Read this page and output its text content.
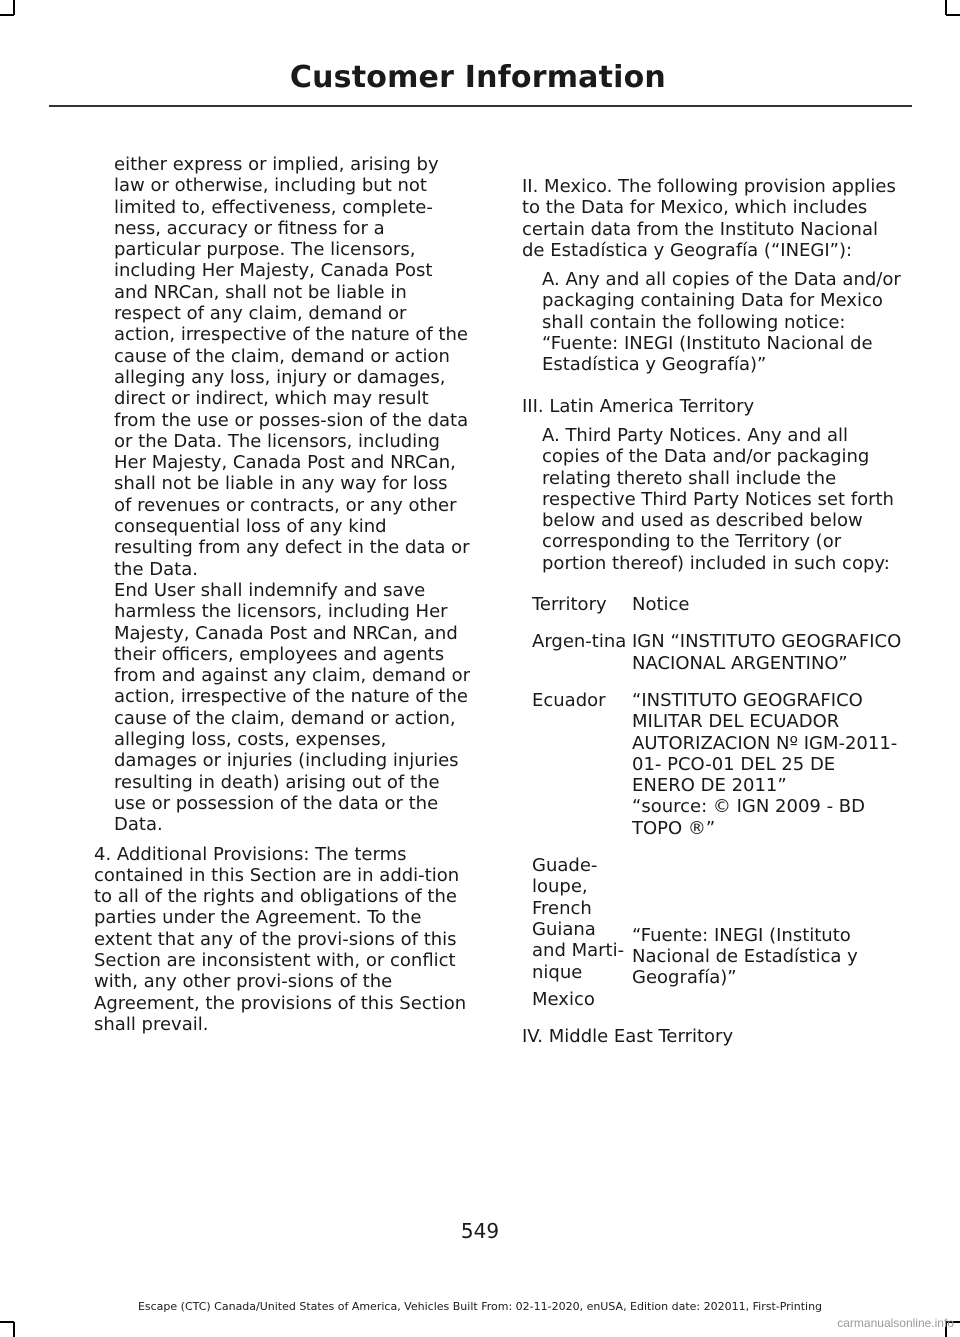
Customer Information

either express or implied, arising by law or otherwise, including but not limited to, effectiveness, complete-ness, accuracy or fitness for a particular purpose. The licensors, including Her Majesty, Canada Post and NRCan, shall not be liable in respect of any claim, demand or action, irrespective of the nature of the cause of the claim, demand or action alleging any loss, injury or damages, direct or indirect, which may result from the use or posses-sion of the data or the Data. The licensors, including Her Majesty, Canada Post and NRCan, shall not be liable in any way for loss of revenues or contracts, or any other consequential loss of any kind resulting from any defect in the data or the Data.

End User shall indemnify and save harmless the licensors, including Her Majesty, Canada Post and NRCan, and their officers, employees and agents from and against any claim, demand or action, irrespective of the nature of the cause of the claim, demand or action, alleging loss, costs, expenses, damages or injuries (including injuries resulting in death) arising out of the use or possession of the data or the Data.

4. Additional Provisions: The terms contained in this Section are in addi-tion to all of the rights and obligations of the parties under the Agreement. To the extent that any of the provi-sions of this Section are inconsistent with, or conflict with, any other provi-sions of the Agreement, the provisions of this Section shall prevail.

II. Mexico. The following provision applies to the Data for Mexico, which includes certain data from the Instituto Nacional de Estadística y Geografía (“INEGI”):

A. Any and all copies of the Data and/or packaging containing Data for Mexico shall contain the following notice: “Fuente: INEGI (Instituto Nacional de Estadística y Geografía)”

III. Latin America Territory

A. Third Party Notices. Any and all copies of the Data and/or packaging relating thereto shall include the respective Third Party Notices set forth below and used as described below corresponding to the Territory (or portion thereof) included in such copy:

Territory	Notice
Argen-tina IGN “INSTITUTO GEOGRAFICO NACIONAL ARGENTINO”
Ecuador	“INSTITUTO GEOGRAFICO MILITAR DEL ECUADOR AUTORIZACION Nº IGM-2011-01- PCO-01 DEL 25 DE ENERO DE 2011”
“source: © IGN 2009 - BD TOPO ®”
Guade-loupe, French Guiana and Marti-nique
Mexico
“Fuente: INEGI (Instituto Nacional de Estadística y Geografía)”

IV. Middle East Territory

549
Escape (CTC) Canada/United States of America, Vehicles Built From: 02-11-2020, enUSA, Edition date: 202011, First-Printing
carmanualsonline.info
